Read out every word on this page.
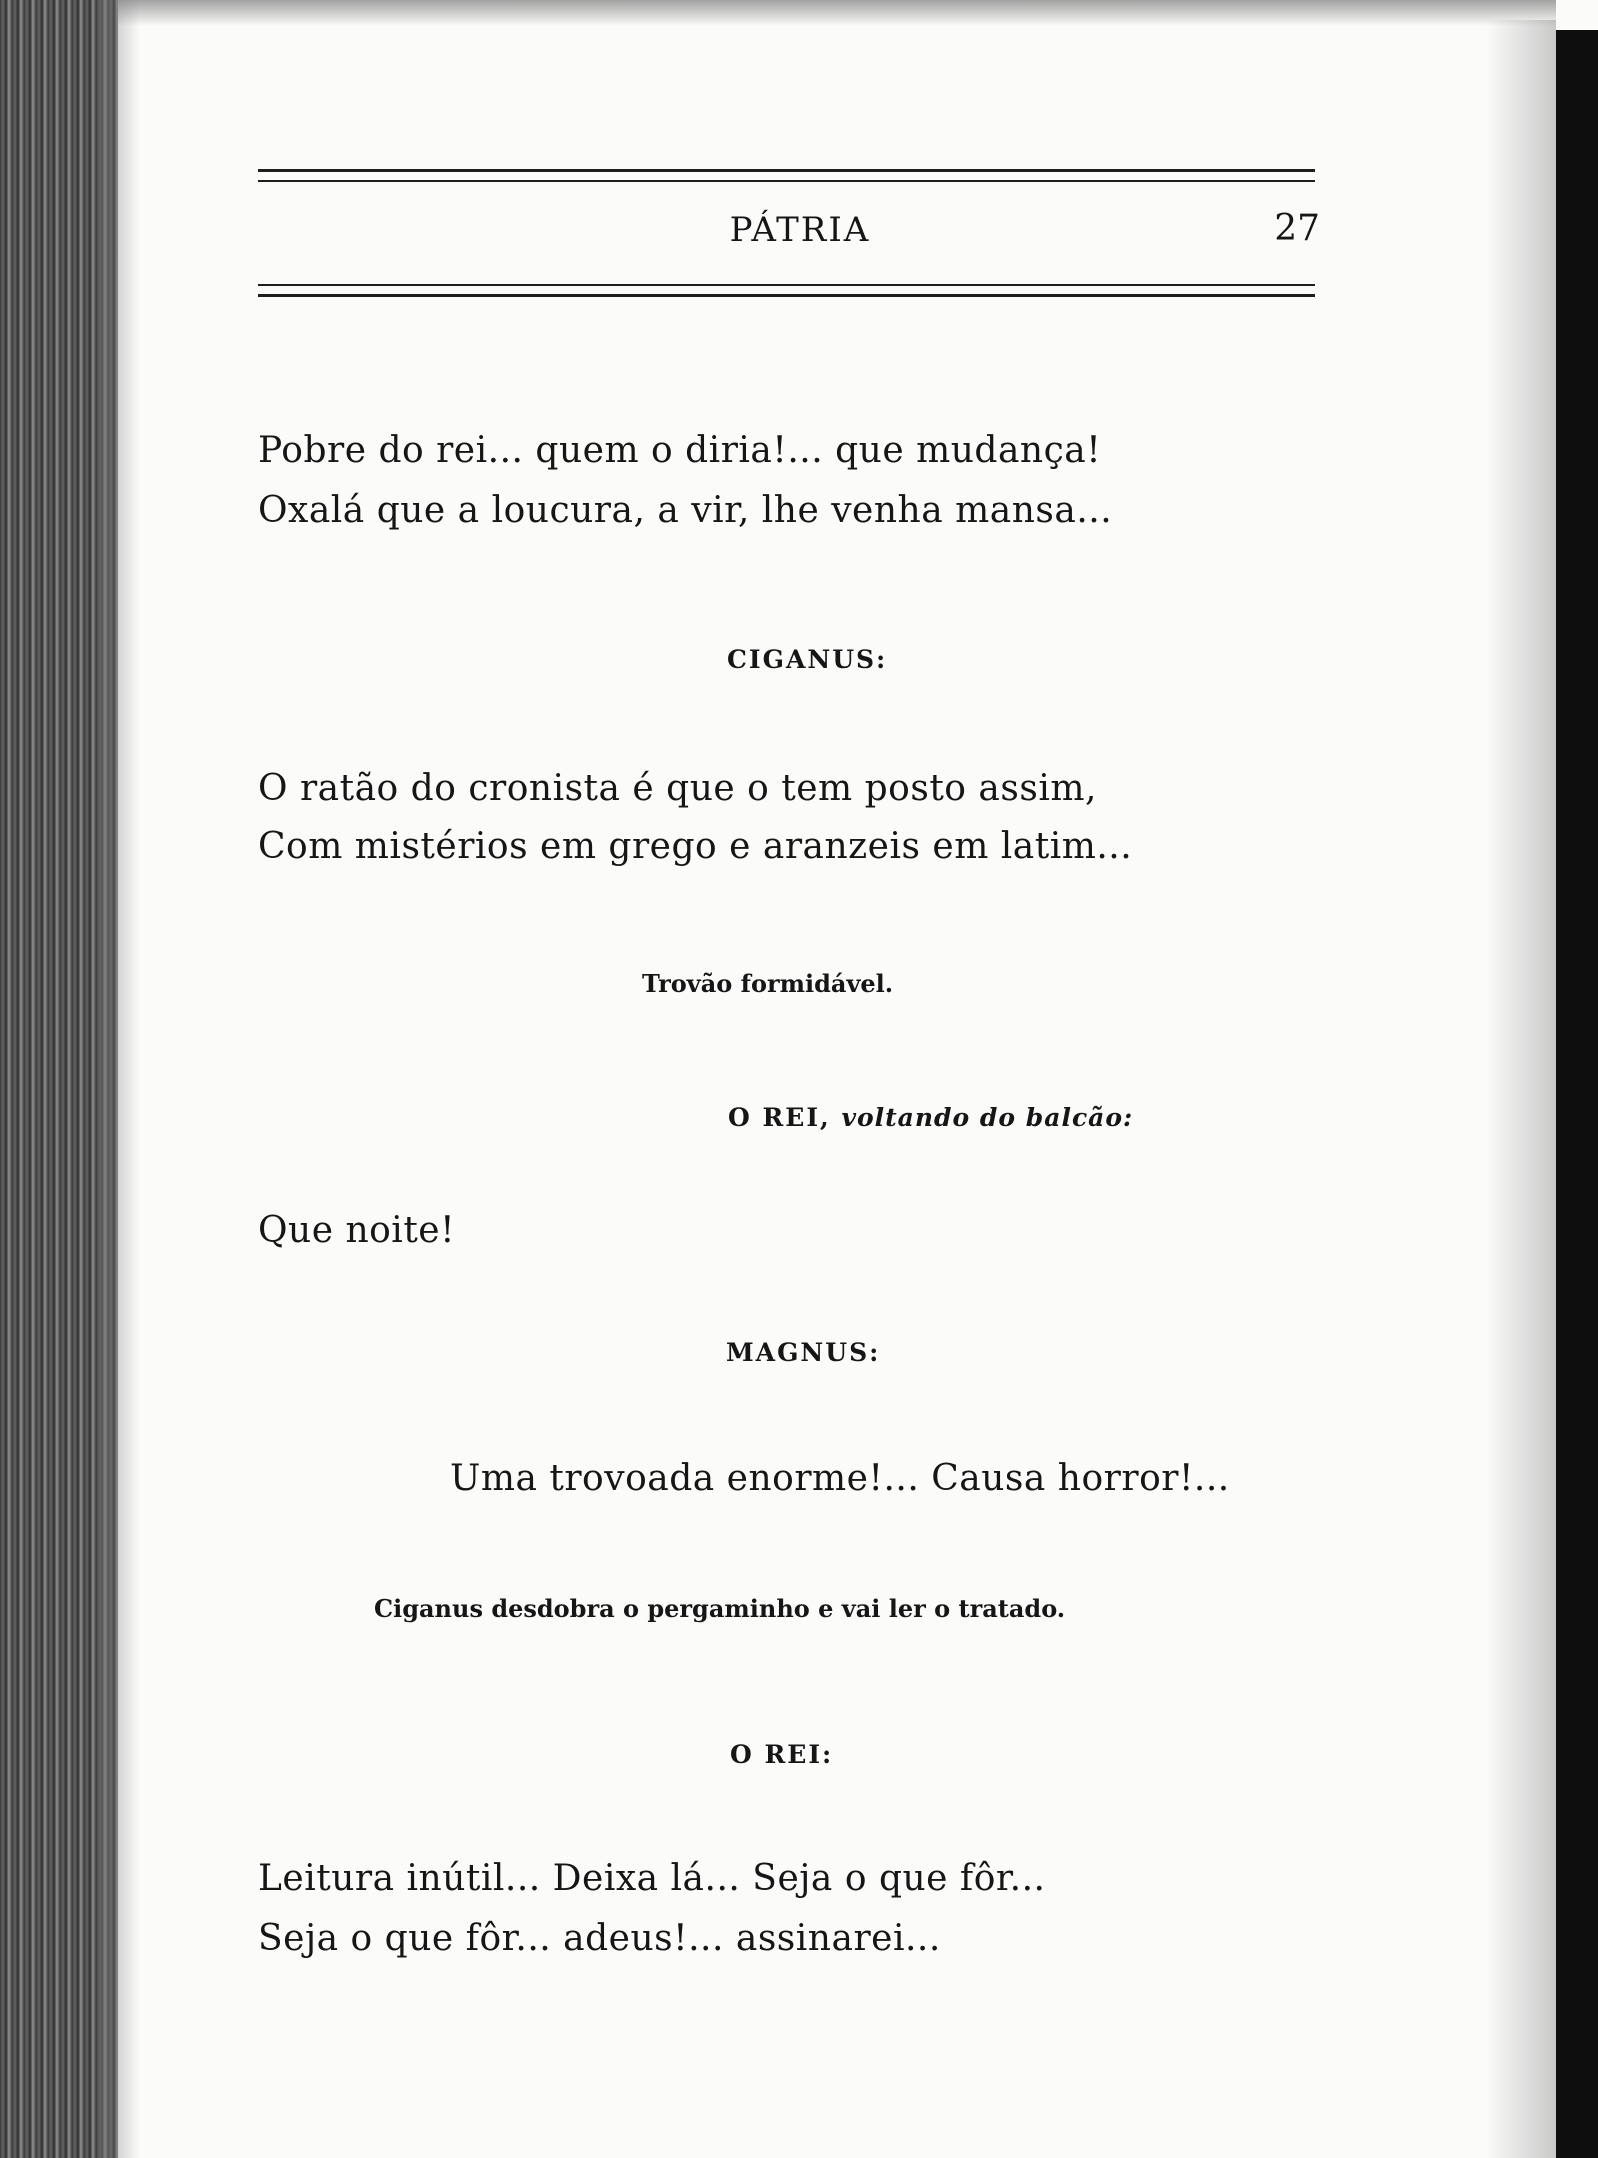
PÁTRIA	27
Pobre do rei... quem o diria!... que mudança!
Oxalá que a loucura, a vir, lhe venha mansa...
CIGANUS:
O ratão do cronista é que o tem posto assim,
Com mistérios em grego e aranzeis em latim...
Trovão formidável.
O REI, voltando do balcão:
Que noite!
MAGNUS:
Uma trovoada enorme!... Causa horror!...
Ciganus desdobra o pergaminho e vai ler o tratado.
O REI:
Leitura inútil... Deixa lá... Seja o que fôr...
Seja o que fôr... adeus!... assinarei...
